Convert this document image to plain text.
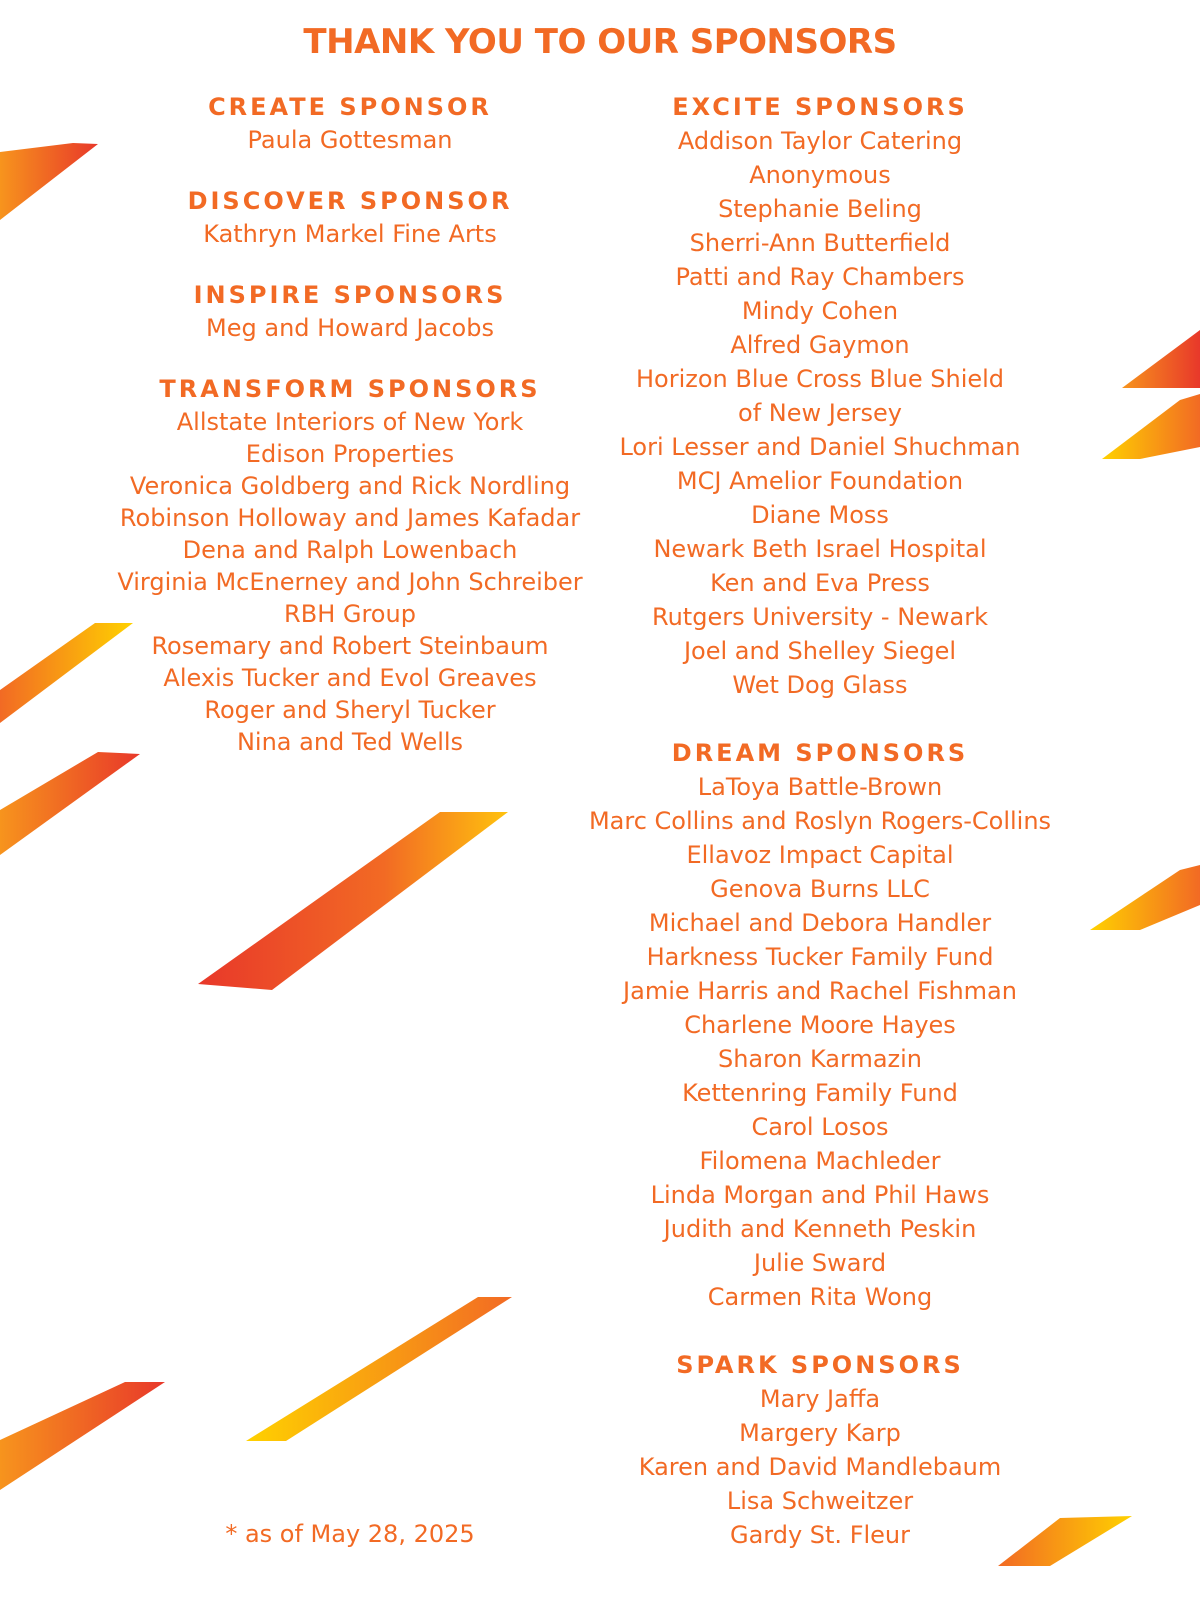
THANK YOU TO OUR SPONSORS
CREATE SPONSOR
Paula Gottesman
DISCOVER SPONSOR
Kathryn Markel Fine Arts
INSPIRE SPONSORS
Meg and Howard Jacobs
TRANSFORM SPONSORS
Allstate Interiors of New York
Edison Properties
Veronica Goldberg and Rick Nordling
Robinson Holloway and James Kafadar
Dena and Ralph Lowenbach
Virginia McEnerney and John Schreiber
RBH Group
Rosemary and Robert Steinbaum
Alexis Tucker and Evol Greaves
Roger and Sheryl Tucker
Nina and Ted Wells
EXCITE SPONSORS
Addison Taylor Catering
Anonymous
Stephanie Beling
Sherri-Ann Butterfield
Patti and Ray Chambers
Mindy Cohen
Alfred Gaymon
Horizon Blue Cross Blue Shield
of New Jersey
Lori Lesser and Daniel Shuchman
MCJ Amelior Foundation
Diane Moss
Newark Beth Israel Hospital
Ken and Eva Press
Rutgers University - Newark
Joel and Shelley Siegel
Wet Dog Glass
DREAM SPONSORS
LaToya Battle-Brown
Marc Collins and Roslyn Rogers-Collins
Ellavoz Impact Capital
Genova Burns LLC
Michael and Debora Handler
Harkness Tucker Family Fund
Jamie Harris and Rachel Fishman
Charlene Moore Hayes
Sharon Karmazin
Kettenring Family Fund
Carol Losos
Filomena Machleder
Linda Morgan and Phil Haws
Judith and Kenneth Peskin
Julie Sward
Carmen Rita Wong
SPARK SPONSORS
Mary Jaffa
Margery Karp
Karen and David Mandlebaum
Lisa Schweitzer
Gardy St. Fleur
* as of May 28, 2025
